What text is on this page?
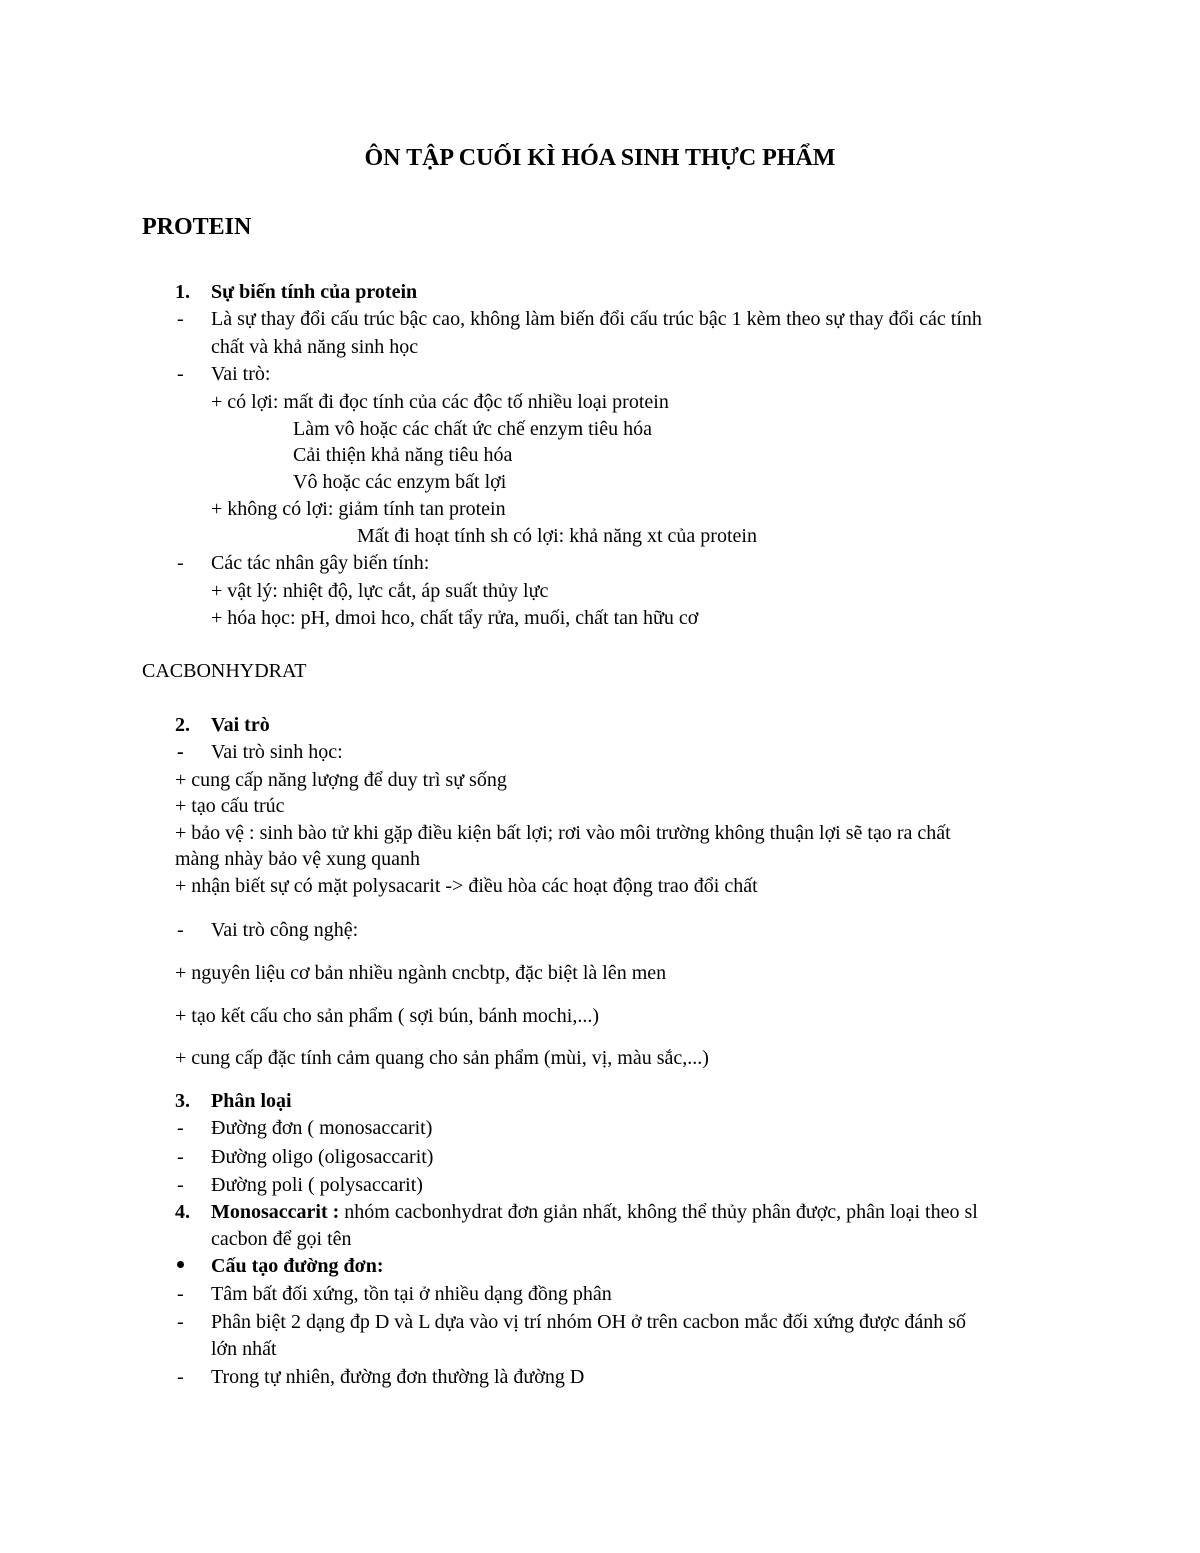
ÔN TẬP CUỐI KÌ HÓA SINH THỰC PHẨM
PROTEIN
1. Sự biến tính của protein
- Là sự thay đổi cấu trúc bậc cao, không làm biến đổi cấu trúc bậc 1 kèm theo sự thay đổi các tính
chất và khả năng sinh học
- Vai trò:
+ có lợi: mất đi đọc tính của các độc tố nhiều loại protein
Làm vô hoặc các chất ức chế enzym tiêu hóa
Cải thiện khả năng tiêu hóa
Vô hoặc các enzym bất lợi
+ không có lợi: giảm tính tan protein
Mất đi hoạt tính sh có lợi: khả năng xt của protein
- Các tác nhân gây biến tính:
+ vật lý: nhiệt độ, lực cắt, áp suất thủy lực
+ hóa học: pH, dmoi hco, chất tẩy rửa, muối, chất tan hữu cơ
CACBONHYDRAT
2. Vai trò
- Vai trò sinh học:
+ cung cấp năng lượng để duy trì sự sống
+ tạo cấu trúc
+ bảo vệ : sinh bào tử khi gặp điều kiện bất lợi; rơi vào môi trường không thuận lợi sẽ tạo ra chất
màng nhày bảo vệ xung quanh
+ nhận biết sự có mặt polysacarit -> điều hòa các hoạt động trao đổi chất
- Vai trò công nghệ:
+ nguyên liệu cơ bản nhiều ngành cncbtp, đặc biệt là lên men
+ tạo kết cấu cho sản phẩm ( sợi bún, bánh mochi,...)
+ cung cấp đặc tính cảm quang cho sản phẩm (mùi, vị, màu sắc,...)
3. Phân loại
- Đường đơn ( monosaccarit)
- Đường oligo (oligosaccarit)
- Đường poli ( polysaccarit)
4. Monosaccarit : nhóm cacbonhydrat đơn giản nhất, không thể thủy phân được, phân loại theo sl
cacbon để gọi tên
Cấu tạo đường đơn:
- Tâm bất đối xứng, tồn tại ở nhiều dạng đồng phân
- Phân biệt 2 dạng đp D và L dựa vào vị trí nhóm OH ở trên cacbon mắc đối xứng được đánh số
lớn nhất
- Trong tự nhiên, đường đơn thường là đường D
